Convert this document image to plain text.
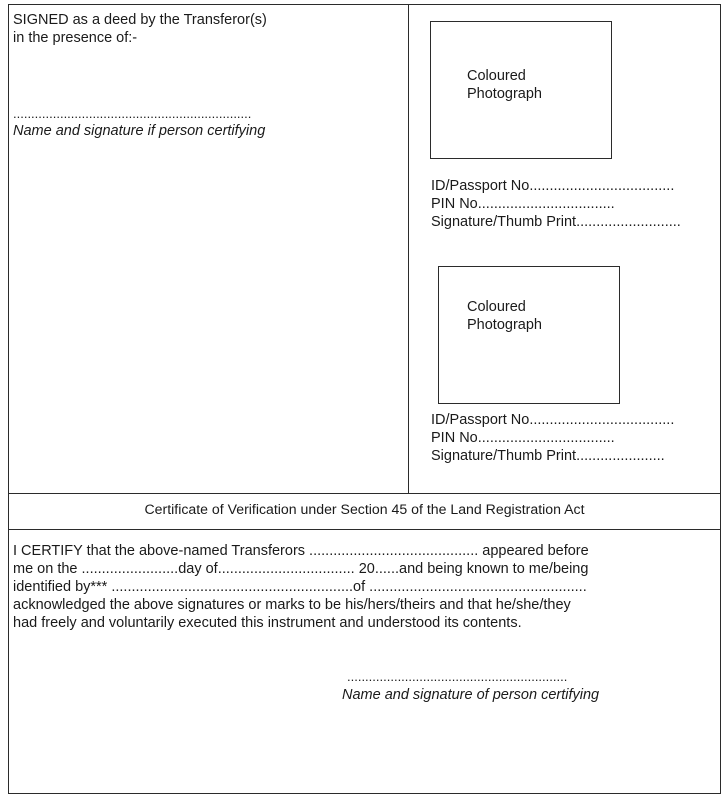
SIGNED as a deed by the Transferor(s)
in the presence of:-
..................................................................
Name and signature if person certifying
Coloured
Photograph
ID/Passport No....................................
PIN No..................................
Signature/Thumb Print..........................
Coloured
Photograph
ID/Passport No....................................
PIN No..................................
Signature/Thumb Print......................
Certificate of Verification under Section 45 of the Land Registration Act
I CERTIFY that the above-named Transferors .......................................... appeared before
me on the ........................day of.................................. 20......and being known to me/being
identified by*** ............................................................of ......................................................
acknowledged the above signatures or marks to be his/hers/theirs and that he/she/they
had freely and voluntarily executed this instrument and understood its contents.
.............................................................
Name and signature of person certifying
